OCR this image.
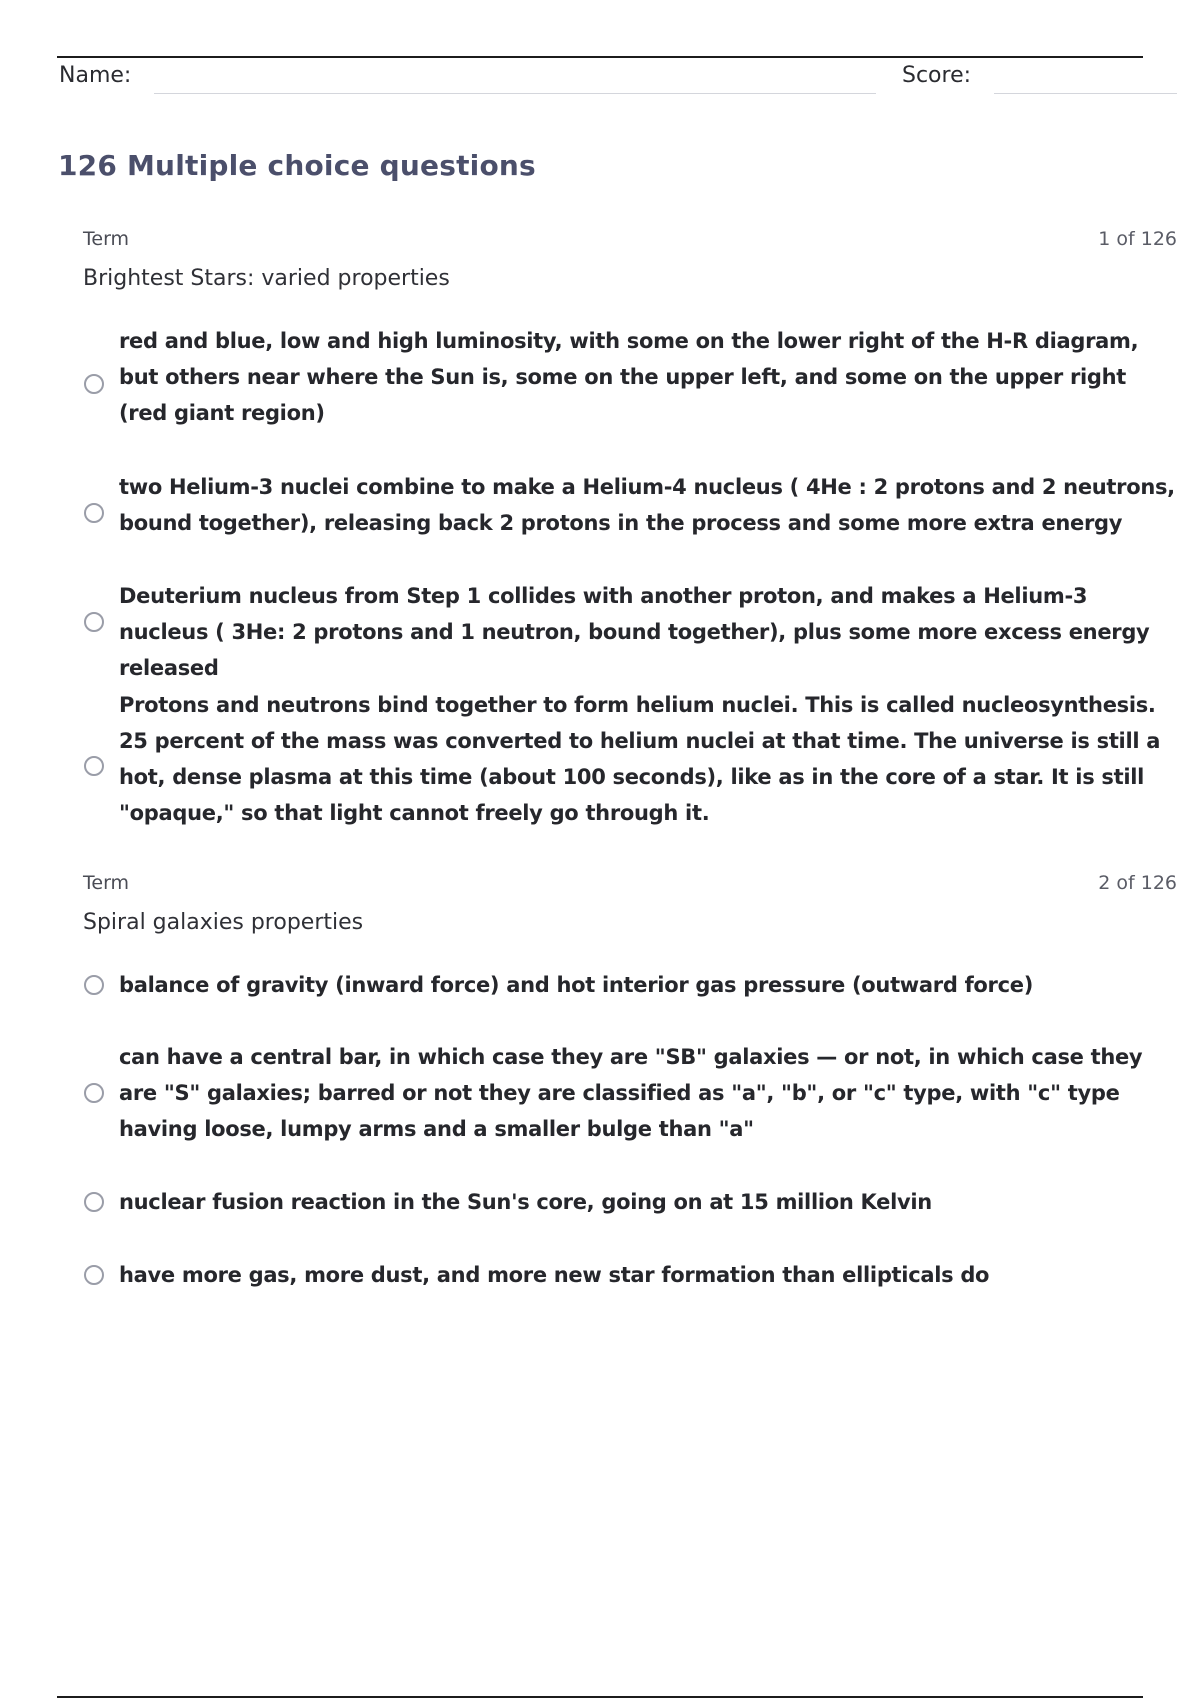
Name:	Score:
126 Multiple choice questions
Term	1 of 126
Brightest Stars: varied properties
red and blue, low and high luminosity, with some on the lower right of the H-R diagram, but others near where the Sun is, some on the upper left, and some on the upper right (red giant region)
two Helium-3 nuclei combine to make a Helium-4 nucleus ( 4He : 2 protons and 2 neutrons, bound together), releasing back 2 protons in the process and some more extra energy
Deuterium nucleus from Step 1 collides with another proton, and makes a Helium-3 nucleus ( 3He: 2 protons and 1 neutron, bound together), plus some more excess energy released
Protons and neutrons bind together to form helium nuclei. This is called nucleosynthesis. 25 percent of the mass was converted to helium nuclei at that time. The universe is still a hot, dense plasma at this time (about 100 seconds), like as in the core of a star. It is still "opaque," so that light cannot freely go through it.
Term	2 of 126
Spiral galaxies properties
balance of gravity (inward force) and hot interior gas pressure (outward force)
can have a central bar, in which case they are "SB" galaxies — or not, in which case they are "S" galaxies; barred or not they are classified as "a", "b", or "c" type, with "c" type having loose, lumpy arms and a smaller bulge than "a"
nuclear fusion reaction in the Sun's core, going on at 15 million Kelvin
have more gas, more dust, and more new star formation than ellipticals do
